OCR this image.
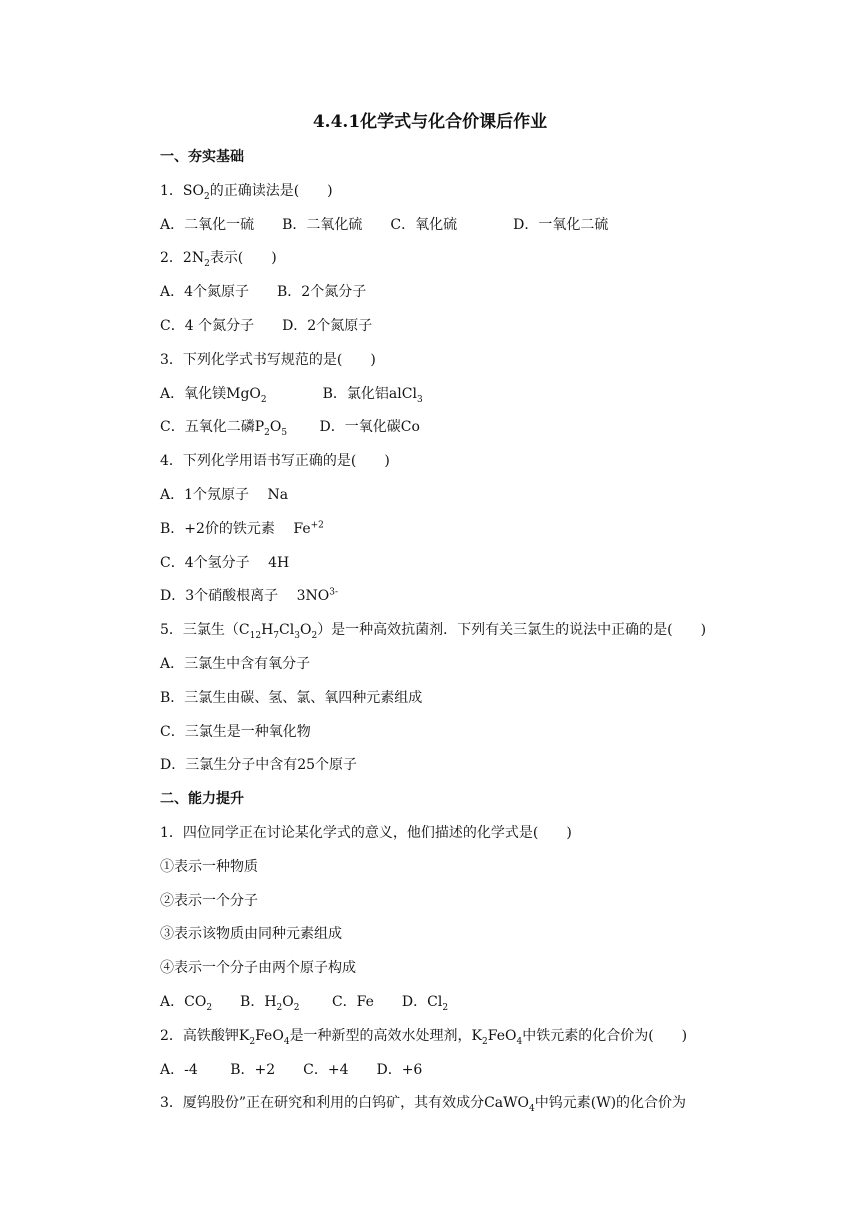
4.4.1化学式与化合价课后作业
一、夯实基础
1．$SO_2$的正确读法是(　　)
A．二氧化一硫　　B．二氧化硫　　C．氧化硫　　　　D．一氧化二硫
2．$2N_2$表示(　　)
A．4个氮原子　　B．2个氮分子
C．4 个氮分子　　D．2个氮原子
3．下列化学式书写规范的是(　　)
A．氧化镁MgO$_2$　　　　B．氯化铝alCl$_3$
C．五氧化二磷$P_2O_5$　　 D．一氧化碳Co
4．下列化学用语书写正确的是(　　)
A．1个氖原子　 Na
B．+2价的铁元素　 $Fe^{+2}$
C．4个氢分子　 4H
D．3个硝酸根离子　 $3NO^{3-}$
5．三氯生$(C_{12}H_7Cl_3O_2)$是一种高效抗菌剂．下列有关三氯生的说法中正确的是(　　)
A．三氯生中含有氧分子
B．三氯生由碳、氢、氯、氧四种元素组成
C．三氯生是一种氧化物
D．三氯生分子中含有25个原子
二、能力提升
1．四位同学正在讨论某化学式的意义，他们描述的化学式是(　　)
①表示一种物质
②表示一个分子
③表示该物质由同种元素组成
④表示一个分子由两个原子构成
A．$CO_2$　　B．$H_2O_2$　　 C．Fe　　D．$Cl_2$
2．高铁酸钾$K_2FeO_4$是一种新型的高效水处理剂，$K_2FeO_4$中铁元素的化合价为(　　)
A．-4　　 B．+2　　C．+4　　D．+6
3．厦钨股份”正在研究和利用的白钨矿，其有效成分CaWO$_4$中钨元素(W)的化合价为
